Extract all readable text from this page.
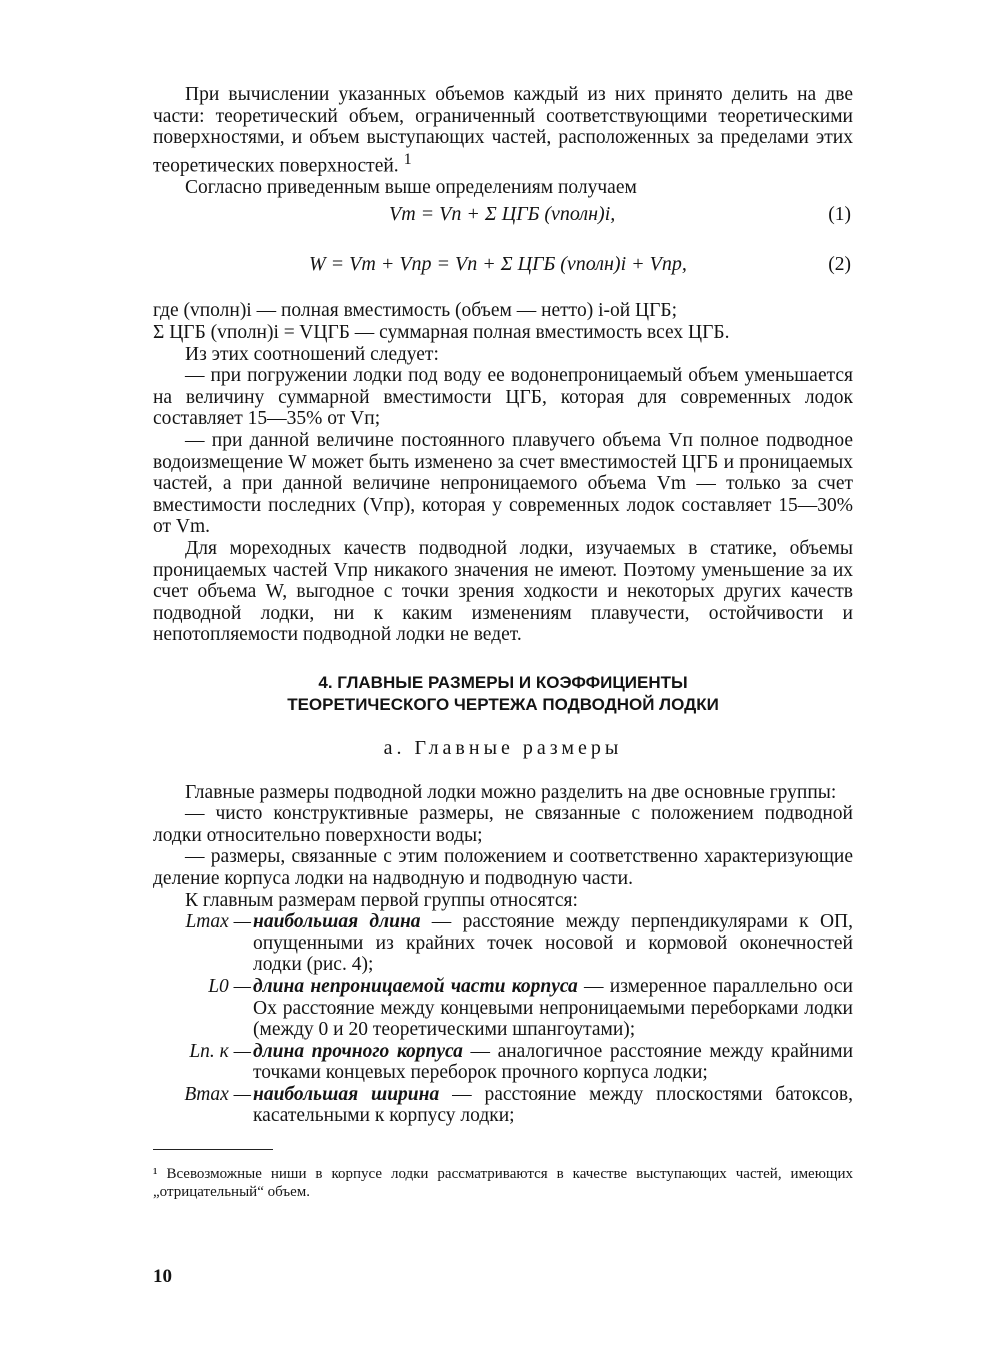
При вычислении указанных объемов каждый из них принято делить на две части: теоретический объем, ограниченный соответствующими теоретическими поверхностями, и объем выступающих частей, расположенных за пределами этих теоретических поверхностей. $^1$

Согласно приведенным выше определениям получаем

Vm = Vп + Σ ЦГБ (vполн)i,	(1)
W = Vm + Vпр = Vп + Σ ЦГБ (vполн)i + Vпр,	(2)

где (vполн)i — полная вместимость (объем — нетто) i-ой ЦГБ;

Σ ЦГБ (vполн)i = VЦГБ — суммарная полная вместимость всех ЦГБ.

Из этих соотношений следует:

— при погружении лодки под воду ее водонепроницаемый объем уменьшается на величину суммарной вместимости ЦГБ, которая для современных лодок составляет 15—35% от Vп;

— при данной величине постоянного плавучего объема Vп полное подводное водоизмещение W может быть изменено за счет вместимостей ЦГБ и проницаемых частей, а при данной величине непроницаемого объема Vm — только за счет вместимости последних (Vпр), которая у современных лодок составляет 15—30% от Vm.

Для мореходных качеств подводной лодки, изучаемых в статике, объемы проницаемых частей Vпр никакого значения не имеют. Поэтому уменьшение за их счет объема W, выгодное с точки зрения ходкости и некоторых других качеств подводной лодки, ни к каким изменениям плавучести, остойчивости и непотопляемости подводной лодки не ведет.

4. ГЛАВНЫЕ РАЗМЕРЫ И КОЭФФИЦИЕНТЫ
ТЕОРЕТИЧЕСКОГО ЧЕРТЕЖА ПОДВОДНОЙ ЛОДКИ

а. Главные размеры

Главные размеры подводной лодки можно разделить на две основные группы:

— чисто конструктивные размеры, не связанные с положением подводной лодки относительно поверхности воды;

— размеры, связанные с этим положением и соответственно характеризующие деление корпуса лодки на надводную и подводную части.

К главным размерам первой группы относятся:

Lmax — наибольшая длина — расстояние между перпендикулярами к ОП, опущенными из крайних точек носовой и кормовой оконечностей лодки (рис. 4);
L0 — длина непроницаемой части корпуса — измеренное параллельно оси Ox расстояние между концевыми непроницаемыми переборками лодки (между 0 и 20 теоретическими шпангоутами);
Lп. к — длина прочного корпуса — аналогичное расстояние между крайними точками концевых переборок прочного корпуса лодки;
Bmax — наибольшая ширина — расстояние между плоскостями батоксов, касательными к корпусу лодки;

¹ Всевозможные ниши в корпусе лодки рассматриваются в качестве выступающих частей, имеющих „отрицательный“ объем.

10
